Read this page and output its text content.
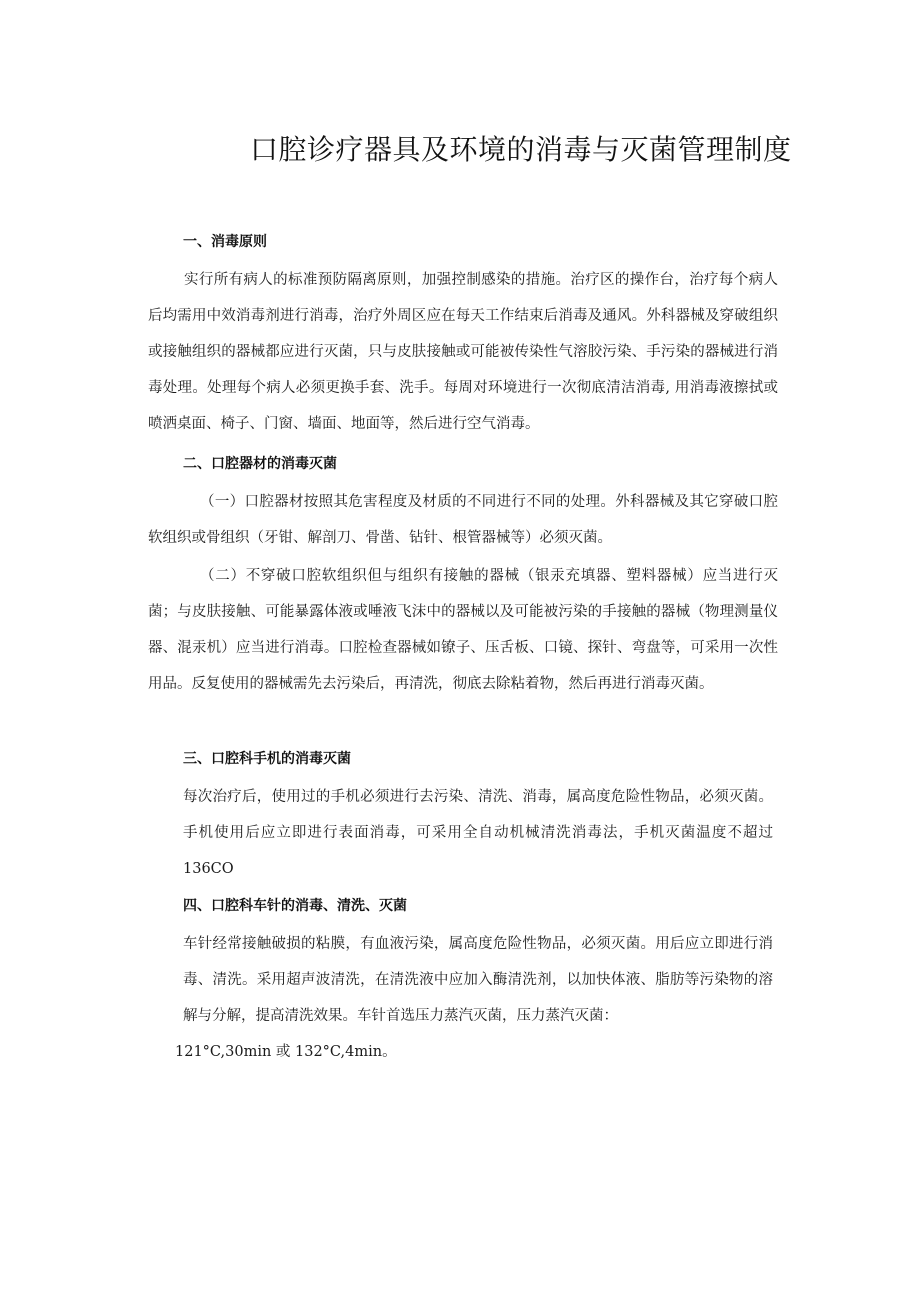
口腔诊疗器具及环境的消毒与灭菌管理制度
一、消毒原则
实行所有病人的标准预防隔离原则，加强控制感染的措施。治疗区的操作台，治疗每个病人后均需用中效消毒剂进行消毒，治疗外周区应在每天工作结束后消毒及通风。外科器械及穿破组织或接触组织的器械都应进行灭菌，只与皮肤接触或可能被传染性气溶胶污染、手污染的器械进行消毒处理。处理每个病人必须更换手套、洗手。每周对环境进行一次彻底清洁消毒, 用消毒液擦拭或喷洒桌面、椅子、门窗、墙面、地面等，然后进行空气消毒。
二、口腔器材的消毒灭菌
（一）口腔器材按照其危害程度及材质的不同进行不同的处理。外科器械及其它穿破口腔软组织或骨组织（牙钳、解剖刀、骨凿、钻针、根管器械等）必须灭菌。
（二）不穿破口腔软组织但与组织有接触的器械（银汞充填器、塑料器械）应当进行灭菌；与皮肤接触、可能暴露体液或唾液飞沫中的器械以及可能被污染的手接触的器械（物理测量仪器、混汞机）应当进行消毒。口腔检查器械如镣子、压舌板、口镜、探针、弯盘等，可采用一次性用品。反复使用的器械需先去污染后，再清洗，彻底去除粘着物，然后再进行消毒灭菌。
三、口腔科手机的消毒灭菌
每次治疗后，使用过的手机必须进行去污染、清洗、消毒，属高度危险性物品，必须灭菌。手机使用后应立即进行表面消毒，可采用全自动机械清洗消毒法，手机灭菌温度不超过 136CO
四、口腔科车针的消毒、清洗、灭菌
车针经常接触破损的粘膜，有血液污染，属高度危险性物品，必须灭菌。用后应立即进行消毒、清洗。采用超声波清洗，在清洗液中应加入酶清洗剂，以加快体液、脂肪等污染物的溶解与分解，提高清洗效果。车针首选压力蒸汽灭菌，压力蒸汽灭菌：
121°C,30min 或 132°C,4min。
